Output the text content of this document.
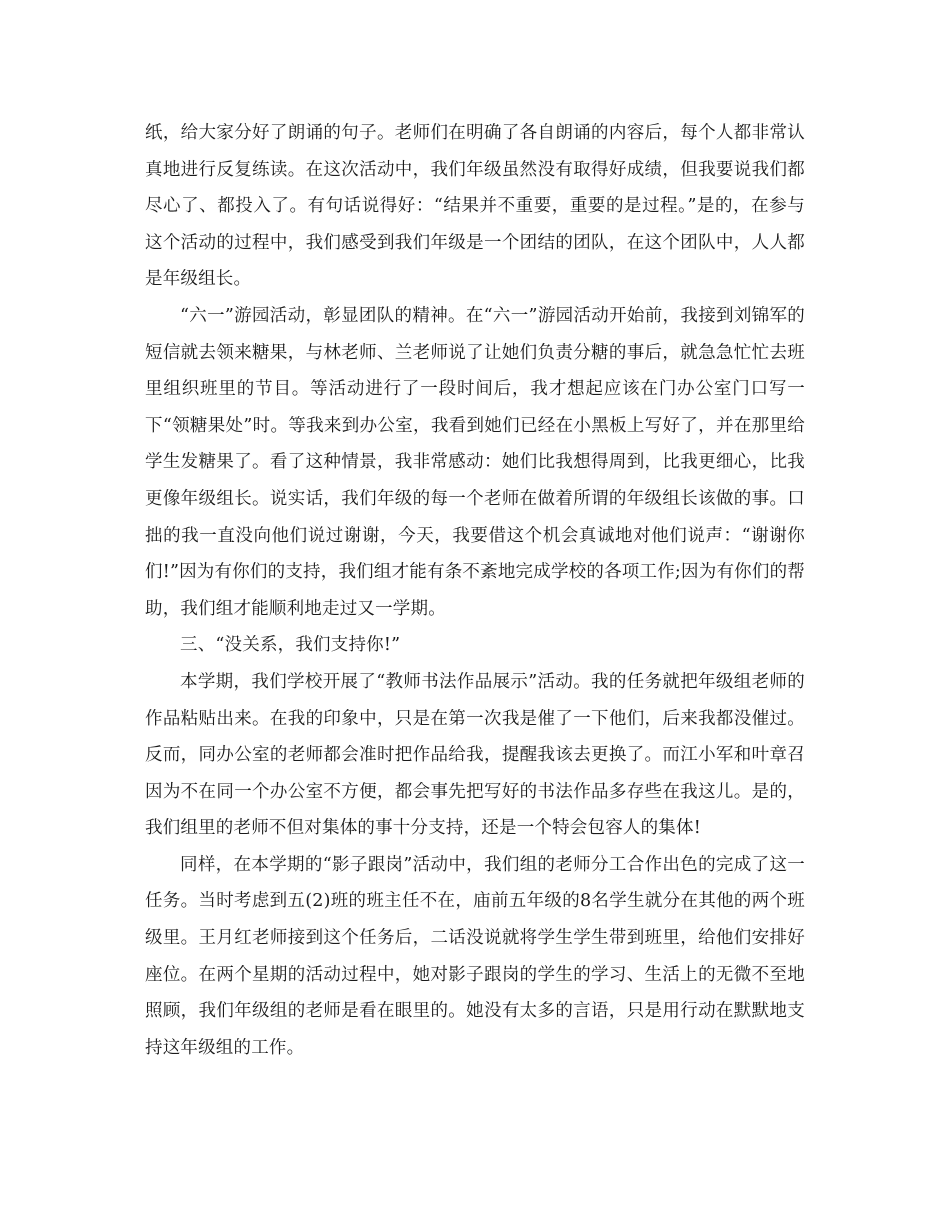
纸，给大家分好了朗诵的句子。老师们在明确了各自朗诵的内容后，每个人都非常认真地进行反复练读。在这次活动中，我们年级虽然没有取得好成绩，但我要说我们都尽心了、都投入了。有句话说得好：“结果并不重要，重要的是过程。”是的，在参与这个活动的过程中，我们感受到我们年级是一个团结的团队，在这个团队中，人人都是年级组长。

“六一”游园活动，彰显团队的精神。在“六一”游园活动开始前，我接到刘锦军的短信就去领来糖果，与林老师、兰老师说了让她们负责分糖的事后，就急急忙忙去班里组织班里的节目。等活动进行了一段时间后，我才想起应该在门办公室门口写一下“领糖果处”时。等我来到办公室，我看到她们已经在小黑板上写好了，并在那里给学生发糖果了。看了这种情景，我非常感动：她们比我想得周到，比我更细心，比我更像年级组长。说实话，我们年级的每一个老师在做着所谓的年级组长该做的事。口拙的我一直没向他们说过谢谢，今天，我要借这个机会真诚地对他们说声：“谢谢你们!”因为有你们的支持，我们组才能有条不紊地完成学校的各项工作;因为有你们的帮助，我们组才能顺利地走过又一学期。

三、“没关系，我们支持你!”

本学期，我们学校开展了“教师书法作品展示”活动。我的任务就把年级组老师的作品粘贴出来。在我的印象中，只是在第一次我是催了一下他们，后来我都没催过。反而，同办公室的老师都会准时把作品给我，提醒我该去更换了。而江小军和叶章召因为不在同一个办公室不方便，都会事先把写好的书法作品多存些在我这儿。是的，我们组里的老师不但对集体的事十分支持，还是一个特会包容人的集体!

同样，在本学期的“影子跟岗”活动中，我们组的老师分工合作出色的完成了这一任务。当时考虑到五(2)班的班主任不在，庙前五年级的8名学生就分在其他的两个班级里。王月红老师接到这个任务后，二话没说就将学生学生带到班里，给他们安排好座位。在两个星期的活动过程中，她对影子跟岗的学生的学习、生活上的无微不至地照顾，我们年级组的老师是看在眼里的。她没有太多的言语，只是用行动在默默地支持这年级组的工作。
